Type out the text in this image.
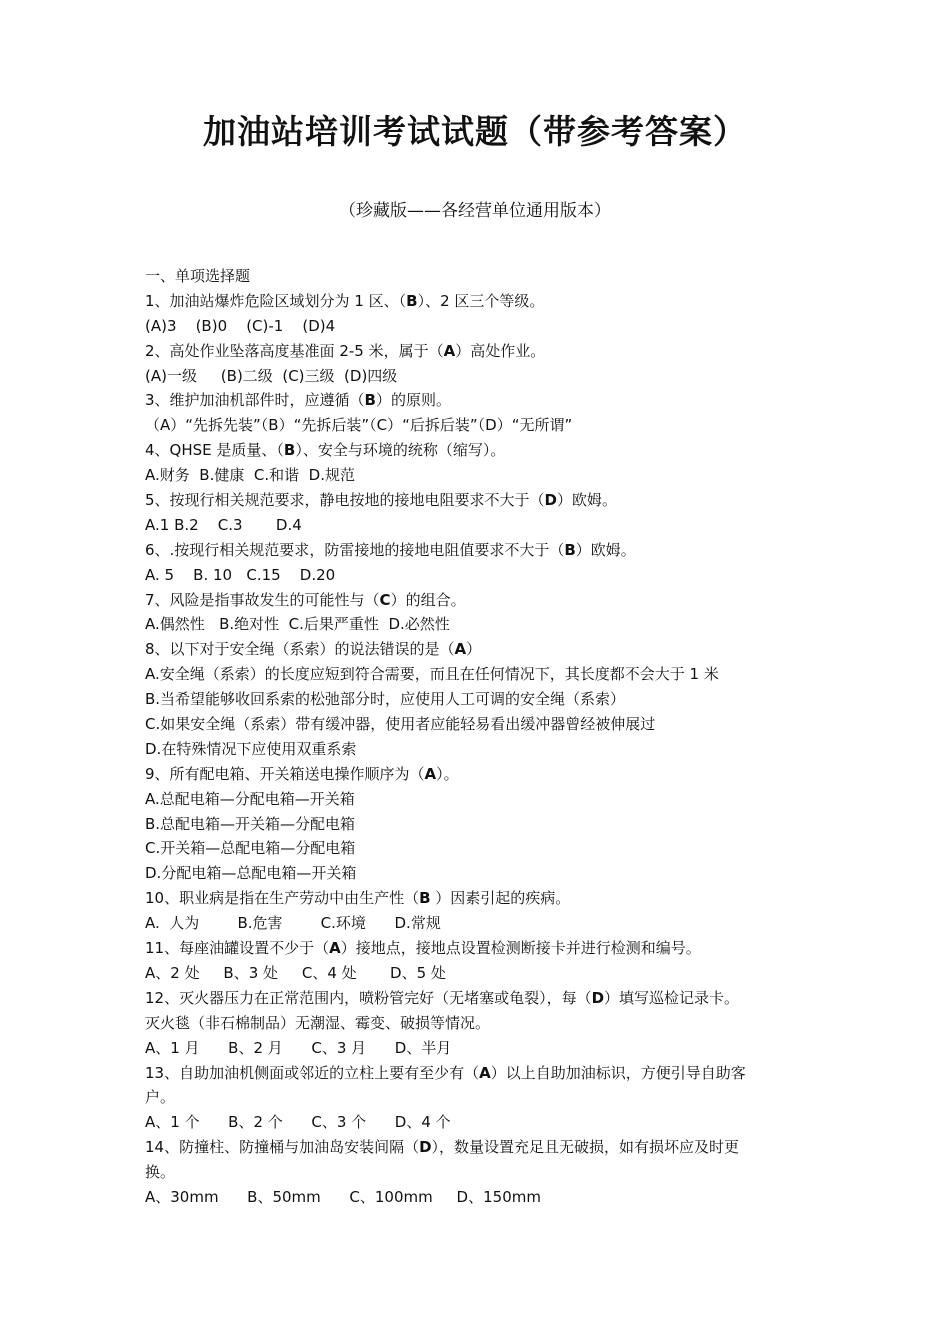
加油站培训考试试题（带参考答案）
（珍藏版——各经营单位通用版本）
一、单项选择题
1、加油站爆炸危险区域划分为 1 区、（B）、2 区三个等级。
(A)3    (B)0    (C)-1    (D)4
2、高处作业坠落高度基准面 2-5 米，属于（A）高处作业。
(A)一级     (B)二级  (C)三级  (D)四级
3、维护加油机部件时，应遵循（B）的原则。
（A）“先拆先装”（B）“先拆后装”（C）“后拆后装”（D）“无所谓”
4、QHSE 是质量、（B）、安全与环境的统称（缩写）。
A.财务  B.健康  C.和谐  D.规范
5、按现行相关规范要求，静电按地的接地电阻要求不大于（D）欧姆。
A.1 B.2    C.3       D.4
6、.按现行相关规范要求，防雷接地的接地电阻值要求不大于（B）欧姆。
A. 5    B. 10   C.15    D.20
7、风险是指事故发生的可能性与（C）的组合。
A.偶然性   B.绝对性  C.后果严重性  D.必然性
8、以下对于安全绳（系索）的说法错误的是（A）
A.安全绳（系索）的长度应短到符合需要，而且在任何情况下，其长度都不会大于 1 米
B.当希望能够收回系索的松弛部分时，应使用人工可调的安全绳（系索）
C.如果安全绳（系索）带有缓冲器，使用者应能轻易看出缓冲器曾经被伸展过
D.在特殊情况下应使用双重系索
9、所有配电箱、开关箱送电操作顺序为（A）。
A.总配电箱—分配电箱—开关箱
B.总配电箱—开关箱—分配电箱
C.开关箱—总配电箱—分配电箱
D.分配电箱—总配电箱—开关箱
10、职业病是指在生产劳动中由生产性（B ）因素引起的疾病。
A.  人为        B.危害        C.环境      D.常规
11、每座油罐设置不少于（A）接地点，接地点设置检测断接卡并进行检测和编号。
A、2 处     B、3 处     C、4 处       D、5 处
12、灭火器压力在正常范围内，喷粉管完好（无堵塞或龟裂），每（D）填写巡检记录卡。
灭火毯（非石棉制品）无潮湿、霉变、破损等情况。
A、1 月      B、2 月      C、3 月      D、半月
13、自助加油机侧面或邻近的立柱上要有至少有（A）以上自助加油标识，方便引导自助客
户。
A、1 个      B、2 个      C、3 个      D、4 个
14、防撞柱、防撞桶与加油岛安装间隔（D），数量设置充足且无破损，如有损坏应及时更
换。
A、30mm      B、50mm      C、100mm     D、150mm
